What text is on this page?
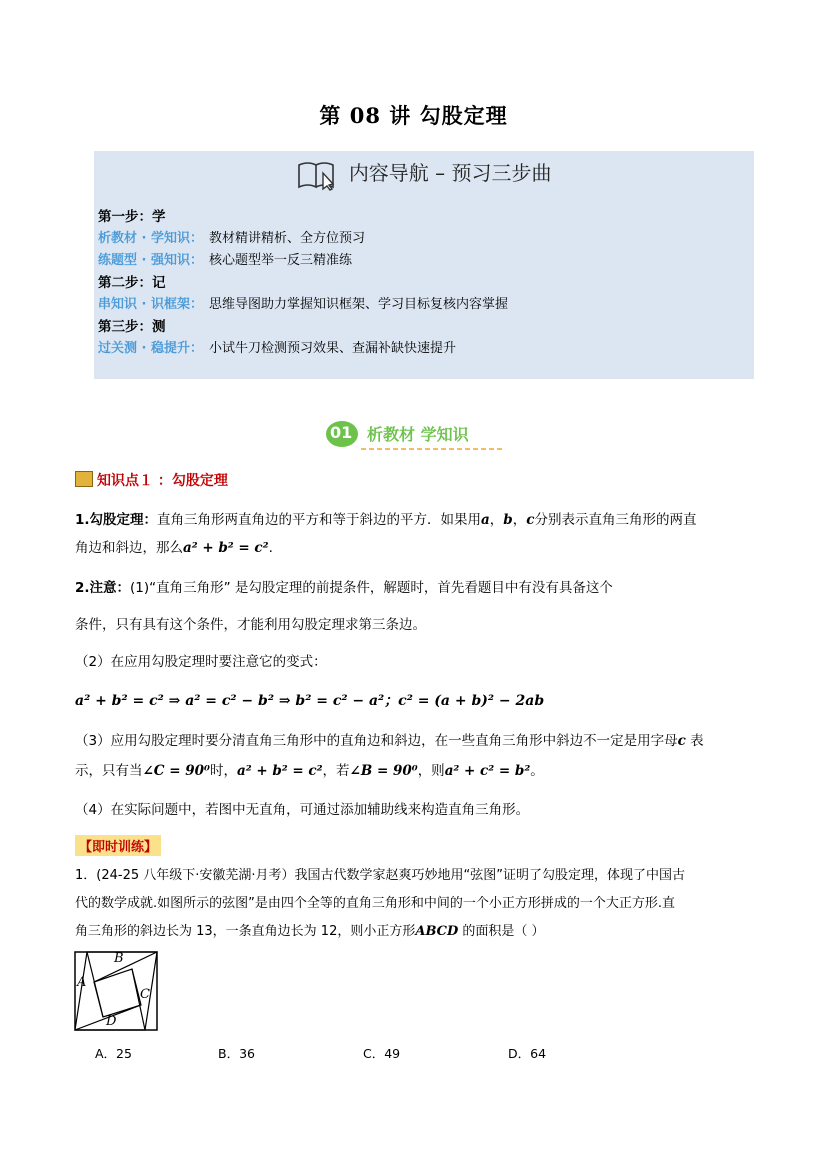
第 08 讲 勾股定理
内容导航 – 预习三步曲
第一步：学
析教材 · 学知识： 教材精讲精析、全方位预习
练题型 · 强知识： 核心题型举一反三精准练
第二步：记
串知识 · 识框架： 思维导图助力掌握知识框架、学习目标复核内容掌握
第三步：测
过关测 · 稳提升： 小试牛刀检测预习效果、查漏补缺快速提升
01 析教材 学知识
知识点１ ：勾股定理
1.勾股定理：直角三角形两直角边的平方和等于斜边的平方．如果用a，b，c分别表示直角三角形的两直
角边和斜边，那么a² + b² = c².
2.注意：(1)“直角三角形” 是勾股定理的前提条件，解题时，首先看题目中有没有具备这个
条件，只有具有这个条件，才能利用勾股定理求第三条边。
（2）在应用勾股定理时要注意它的变式：
a² + b² = c² ⇒ a² = c² − b² ⇒ b² = c² − a²；c² = (a + b)² − 2ab
（3）应用勾股定理时要分清直角三角形中的直角边和斜边，在一些直角三角形中斜边不一定是用字母c 表
示，只有当∠C = 90⁰时，a² + b² = c²，若∠B = 90⁰，则a² + c² = b²。
（4）在实际问题中，若图中无直角，可通过添加辅助线来构造直角三角形。
【即时训练】
1．(24-25 八年级下·安徽芜湖·月考）我国古代数学家赵爽巧妙地用“弦图”证明了勾股定理，体现了中国古
代的数学成就.如图所示的弦图”是由四个全等的直角三角形和中间的一个小正方形拼成的一个大正方形.直
角三角形的斜边长为 13，一条直角边长为 12，则小正方形ABCD 的面积是（ ）
A
B
C
D
A．25	B．36	C．49	D．64
